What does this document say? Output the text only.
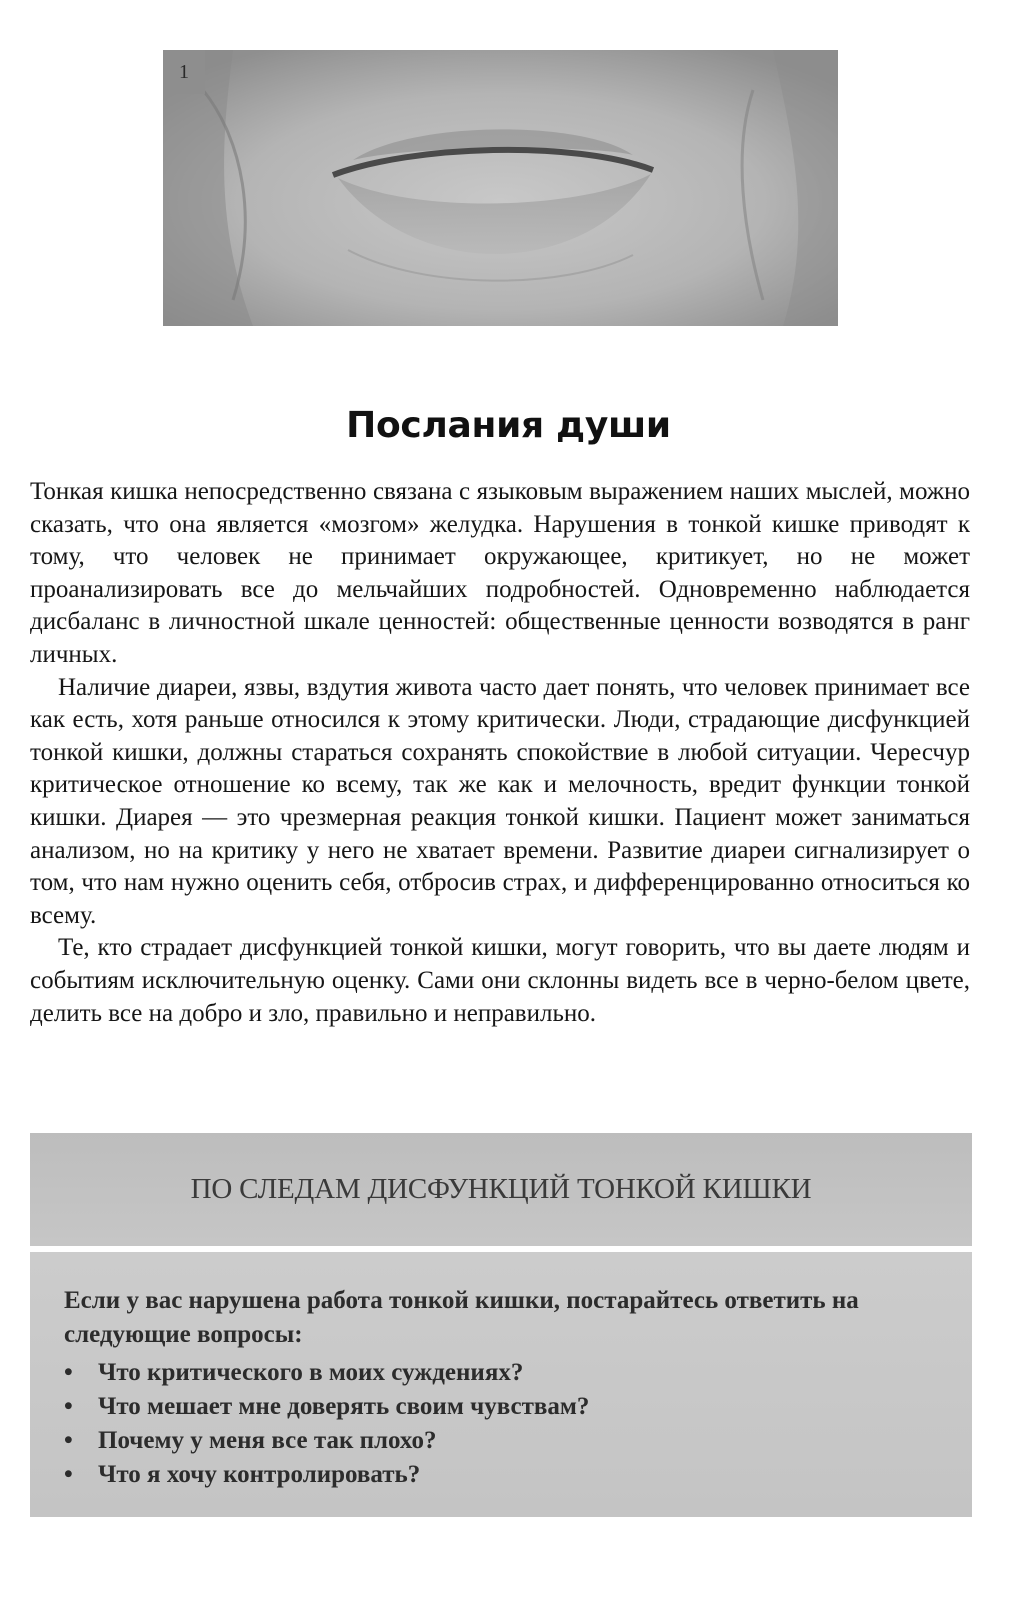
1
Послания души

Тонкая кишка непосредственно связана с языковым выражением наших мыслей, можно сказать, что она является «мозгом» желудка. Нарушения в тонкой кишке приводят к тому, что человек не принимает окружающее, критикует, но не может проанализировать все до мельчайших подробностей. Одновременно наблюдается дисбаланс в личностной шкале ценностей: общественные ценности возводятся в ранг личных.

Наличие диареи, язвы, вздутия живота часто дает понять, что человек принимает все как есть, хотя раньше относился к этому критически. Люди, страдающие дисфункцией тонкой кишки, должны стараться сохранять спокойствие в любой ситуации. Чересчур критическое отношение ко всему, так же как и мелочность, вредит функции тонкой кишки. Диарея — это чрезмерная реакция тонкой кишки. Пациент может заниматься анализом, но на критику у него не хватает времени. Развитие диареи сигнализирует о том, что нам нужно оценить себя, отбросив страх, и дифференцированно относиться ко всему.

Те, кто страдает дисфункцией тонкой кишки, могут говорить, что вы даете людям и событиям исключительную оценку. Сами они склонны видеть все в черно-белом цвете, делить все на добро и зло, правильно и неправильно.

ПО СЛЕДАМ ДИСФУНКЦИЙ ТОНКОЙ КИШКИ

Если у вас нарушена работа тонкой кишки, постарайтесь ответить на следующие вопросы:

• Что критического в моих суждениях?
• Что мешает мне доверять своим чувствам?
• Почему у меня все так плохо?
• Что я хочу контролировать?
